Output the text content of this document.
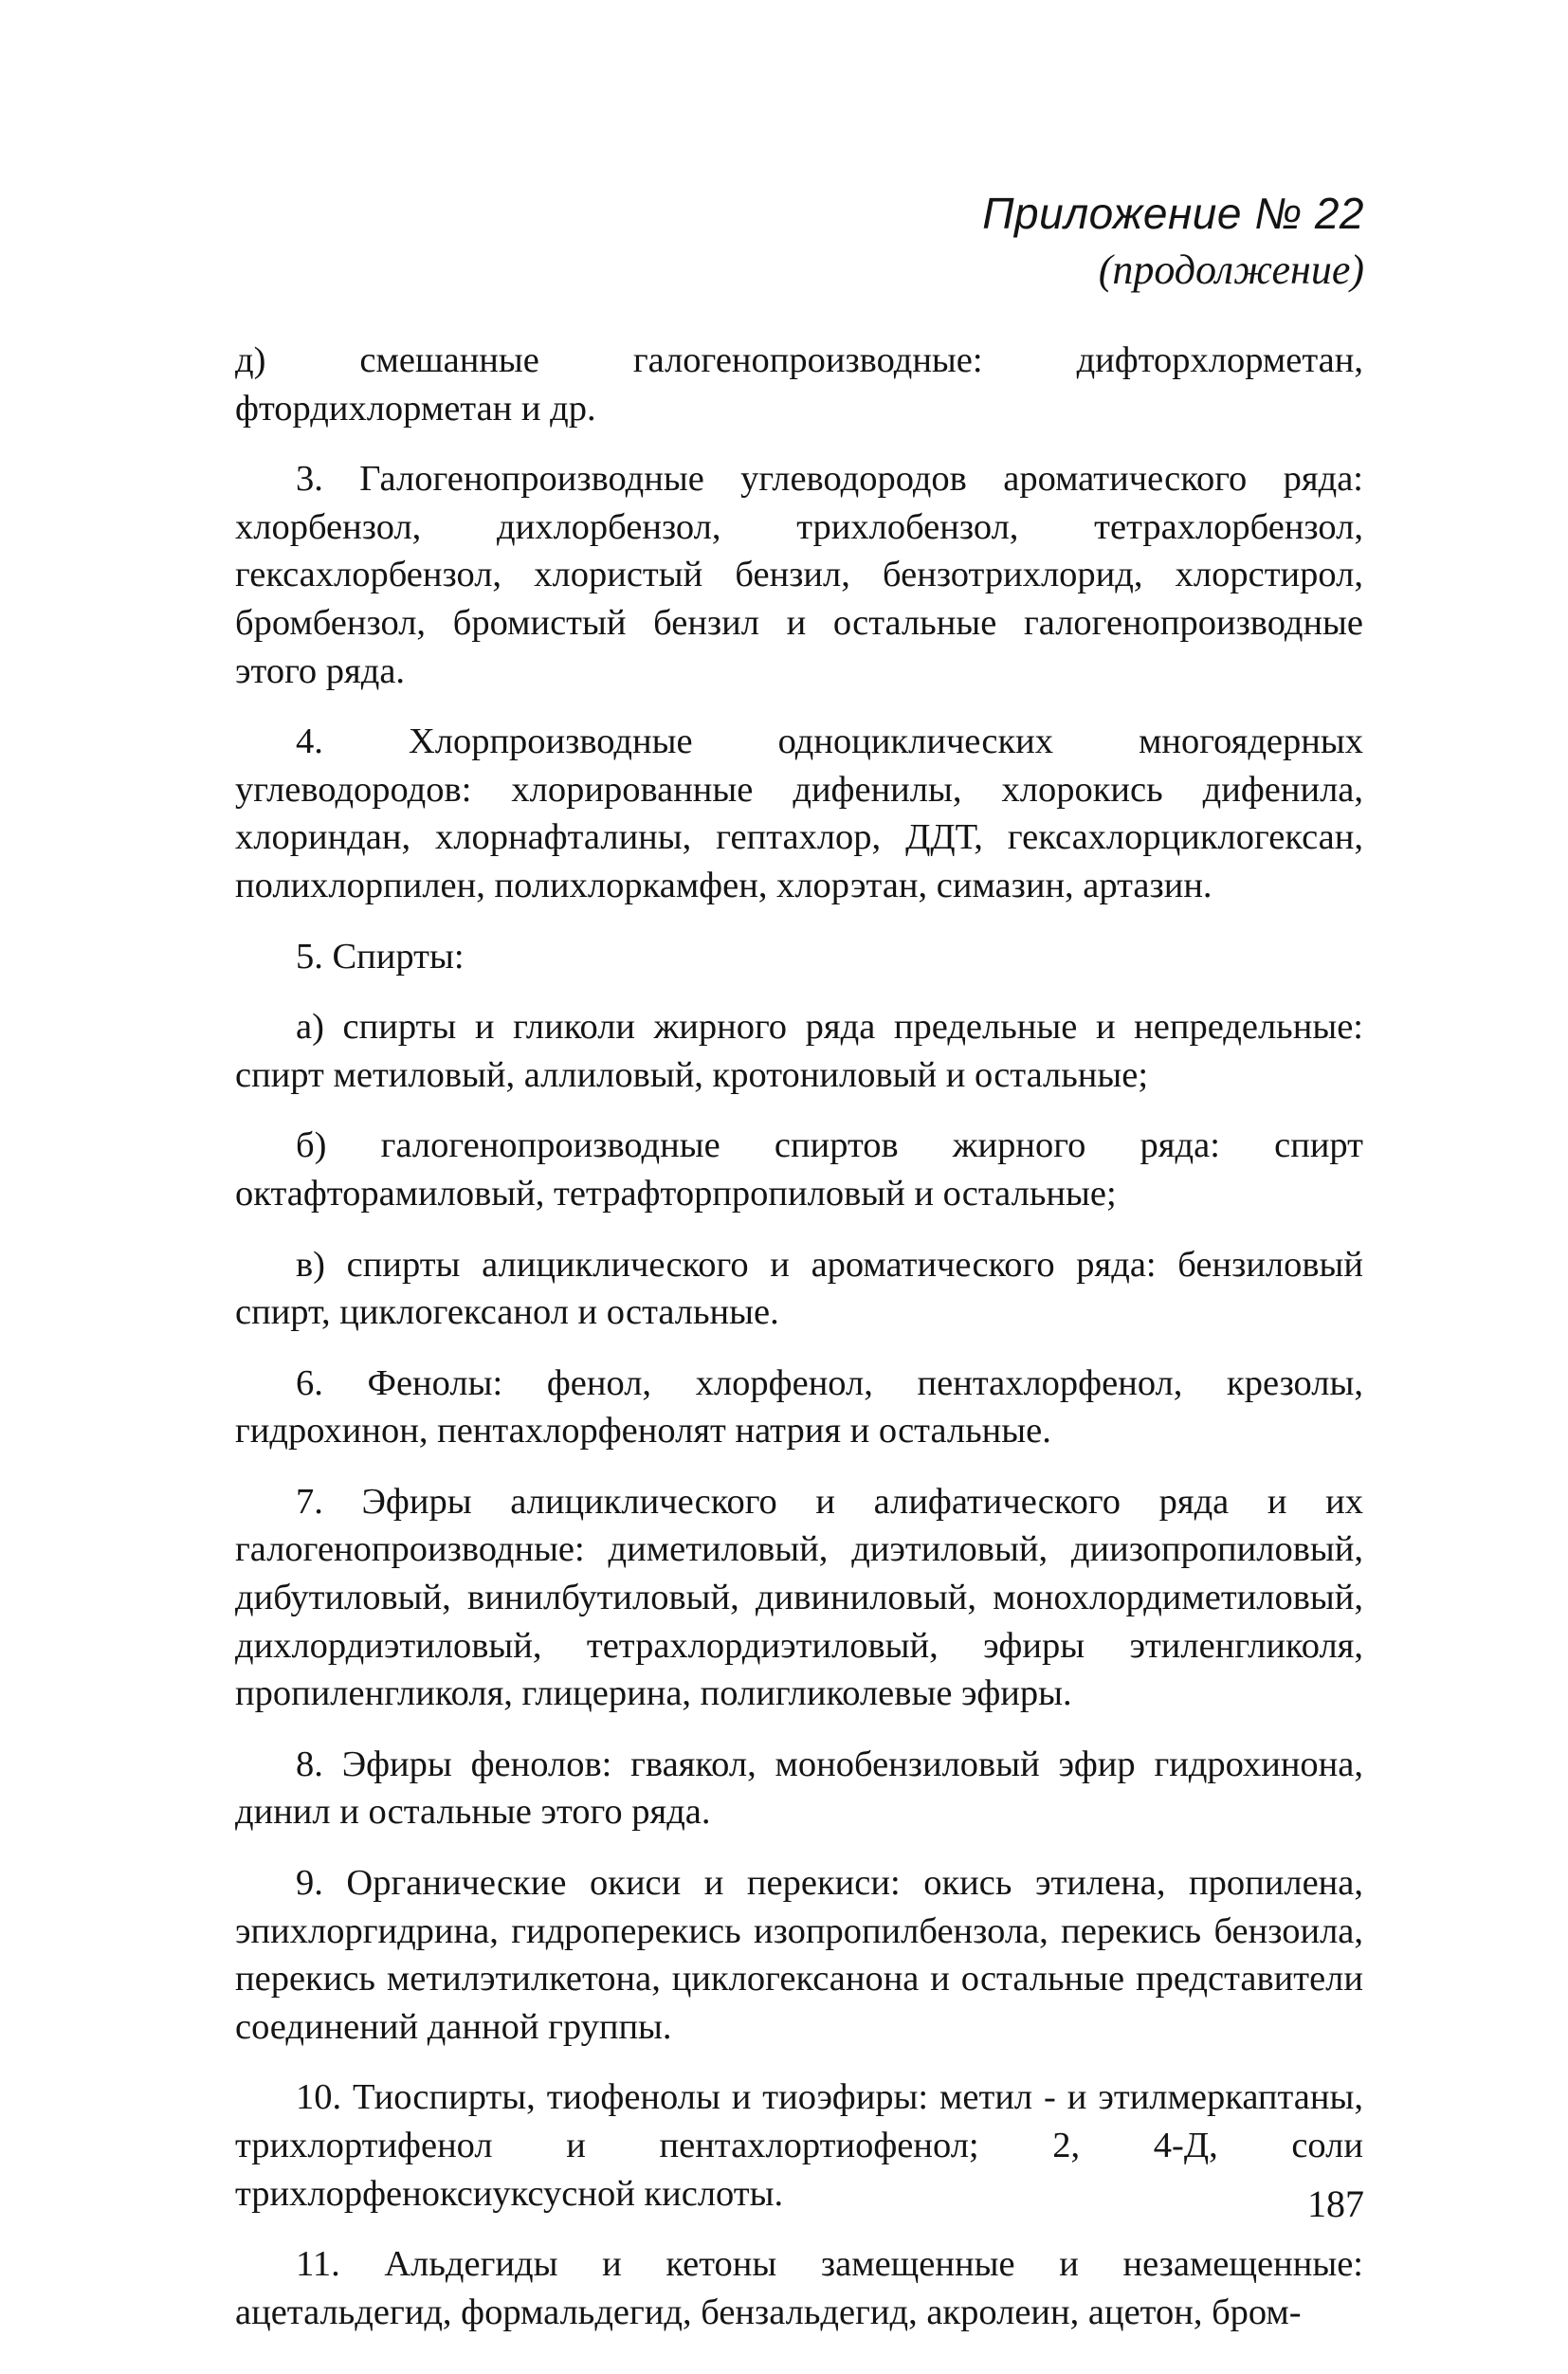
Приложение № 22
(продолжение)

д) смешанные галогенопроизводные: дифторхлорметан, фтордихлорметан и др.

3. Галогенопроизводные углеводородов ароматического ряда: хлорбензол, дихлорбензол, трихлобензол, тетрахлорбензол, гексахлорбензол, хлористый бензил, бензотрихлорид, хлорстирол, бромбензол, бромистый бензил и остальные галогенопроизводные этого ряда.

4. Хлорпроизводные одноциклических многоядерных углеводородов: хлорированные дифенилы, хлорокись дифенила, хлориндан, хлорнафталины, гептахлор, ДДТ, гексахлорциклогексан, полихлорпилен, полихлоркамфен, хлорэтан, симазин, артазин.

5. Спирты:

а) спирты и гликоли жирного ряда предельные и непредельные: спирт метиловый, аллиловый, кротониловый и остальные;

б) галогенопроизводные спиртов жирного ряда: спирт октафторамиловый, тетрафторпропиловый и остальные;

в) спирты алициклического и ароматического ряда: бензиловый спирт, циклогексанол и остальные.

6. Фенолы: фенол, хлорфенол, пентахлорфенол, крезолы, гидрохинон, пентахлорфенолят натрия и остальные.

7. Эфиры алициклического и алифатического ряда и их галогенопроизводные: диметиловый, диэтиловый, диизопропиловый, дибутиловый, винилбутиловый, дивиниловый, монохлордиметиловый, дихлордиэтиловый, тетрахлордиэтиловый, эфиры этиленгликоля, пропиленгликоля, глицерина, полигликолевые эфиры.

8. Эфиры фенолов: гваякол, монобензиловый эфир гидрохинона, динил и остальные этого ряда.

9. Органические окиси и перекиси: окись этилена, пропилена, эпихлоргидрина, гидроперекись изопропилбензола, перекись бензоила, перекись метилэтилкетона, циклогексанона и остальные представители соединений данной группы.

10. Тиоспирты, тиофенолы и тиоэфиры: метил - и этилмеркаптаны, трихлортифенол и пентахлортиофенол; 2, 4-Д, соли трихлорфеноксиуксусной кислоты.

11. Альдегиды и кетоны замещенные и незамещенные: ацетальдегид, формальдегид, бензальдегид, акролеин, ацетон, бром-

187
